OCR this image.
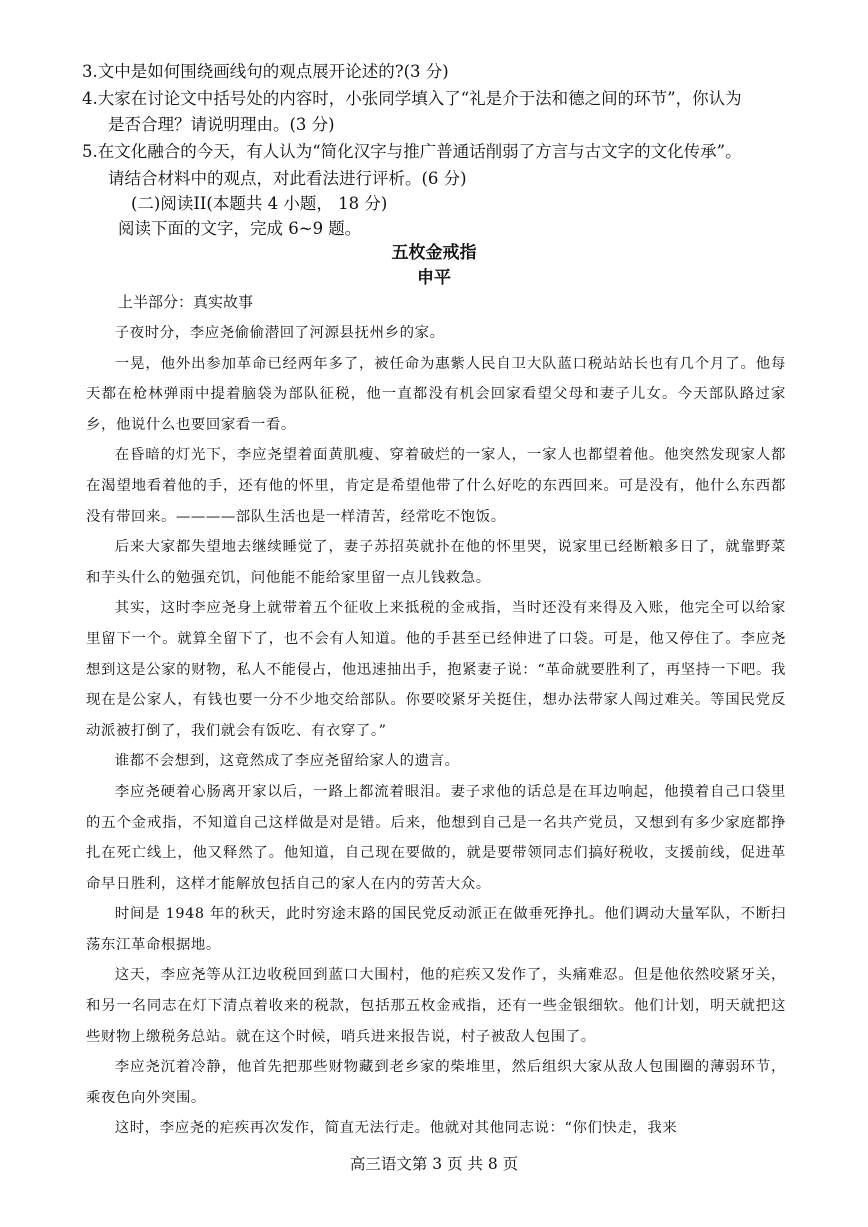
3.文中是如何围绕画线句的观点展开论述的?(3 分)
4.大家在讨论文中括号处的内容时，小张同学填入了“礼是介于法和德之间的环节”，你认为
是否合理？请说明理由。(3 分)
5.在文化融合的今天，有人认为“简化汉字与推广普通话削弱了方言与古文字的文化传承”。
请结合材料中的观点，对此看法进行评析。(6 分)
(二)阅读II(本题共 4 小题， 18 分)
阅读下面的文字，完成 6~9 题。
五枚金戒指
申平
上半部分：真实故事

子夜时分，李应尧偷偷潜回了河源县抚州乡的家。

一晃，他外出参加革命已经两年多了，被任命为惠紫人民自卫大队蓝口税站站长也有几个月了。他每天都在枪林弹雨中提着脑袋为部队征税，他一直都没有机会回家看望父母和妻子儿女。今天部队路过家乡，他说什么也要回家看一看。

在昏暗的灯光下，李应尧望着面黄肌瘦、穿着破烂的一家人，一家人也都望着他。他突然发现家人都在渴望地看着他的手，还有他的怀里，肯定是希望他带了什么好吃的东西回来。可是没有，他什么东西都没有带回来。————部队生活也是一样清苦，经常吃不饱饭。

后来大家都失望地去继续睡觉了，妻子苏招英就扑在他的怀里哭，说家里已经断粮多日了，就靠野菜和芋头什么的勉强充饥，问他能不能给家里留一点儿钱救急。

其实，这时李应尧身上就带着五个征收上来抵税的金戒指，当时还没有来得及入账，他完全可以给家里留下一个。就算全留下了，也不会有人知道。他的手甚至已经伸进了口袋。可是，他又停住了。李应尧想到这是公家的财物，私人不能侵占，他迅速抽出手，抱紧妻子说：“革命就要胜利了，再坚持一下吧。我现在是公家人，有钱也要一分不少地交给部队。你要咬紧牙关挺住，想办法带家人闯过难关。等国民党反动派被打倒了，我们就会有饭吃、有衣穿了。”

谁都不会想到，这竟然成了李应尧留给家人的遗言。

李应尧硬着心肠离开家以后，一路上都流着眼泪。妻子求他的话总是在耳边响起，他摸着自己口袋里的五个金戒指，不知道自己这样做是对是错。后来，他想到自己是一名共产党员，又想到有多少家庭都挣扎在死亡线上，他又释然了。他知道，自己现在要做的，就是要带领同志们搞好税收，支援前线，促进革命早日胜利，这样才能解放包括自己的家人在内的劳苦大众。

时间是 1948 年的秋天，此时穷途末路的国民党反动派正在做垂死挣扎。他们调动大量军队，不断扫荡东江革命根据地。

这天，李应尧等从江边收税回到蓝口大围村，他的疟疾又发作了，头痛难忍。但是他依然咬紧牙关，和另一名同志在灯下清点着收来的税款，包括那五枚金戒指，还有一些金银细软。他们计划，明天就把这些财物上缴税务总站。就在这个时候，哨兵进来报告说，村子被敌人包围了。

李应尧沉着冷静，他首先把那些财物藏到老乡家的柴堆里，然后组织大家从敌人包围圈的薄弱环节，乘夜色向外突围。

这时，李应尧的疟疾再次发作，简直无法行走。他就对其他同志说：“你们快走，我来

高三语文第 3 页 共 8 页
